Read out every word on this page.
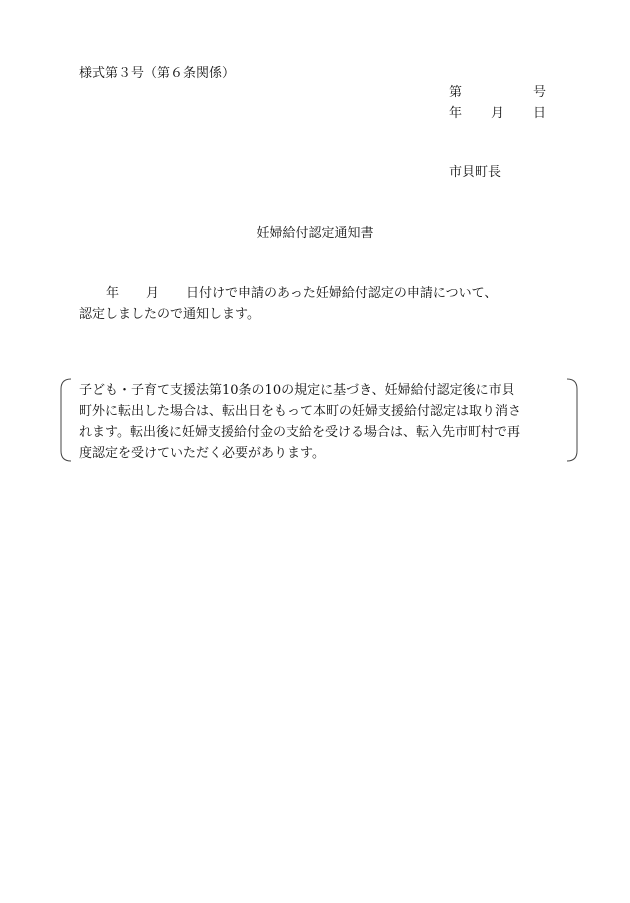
様式第３号（第６条関係）
第	号
年 月 日
市貝町長
妊婦給付認定通知書
年 月 日付けで申請のあった妊婦給付認定の申請について、
認定しましたので通知します。
子ども・子育て支援法第10条の10の規定に基づき、妊婦給付認定後に市貝
町外に転出した場合は、転出日をもって本町の妊婦支援給付認定は取り消さ
れます。転出後に妊婦支援給付金の支給を受ける場合は、転入先市町村で再
度認定を受けていただく必要があります。
